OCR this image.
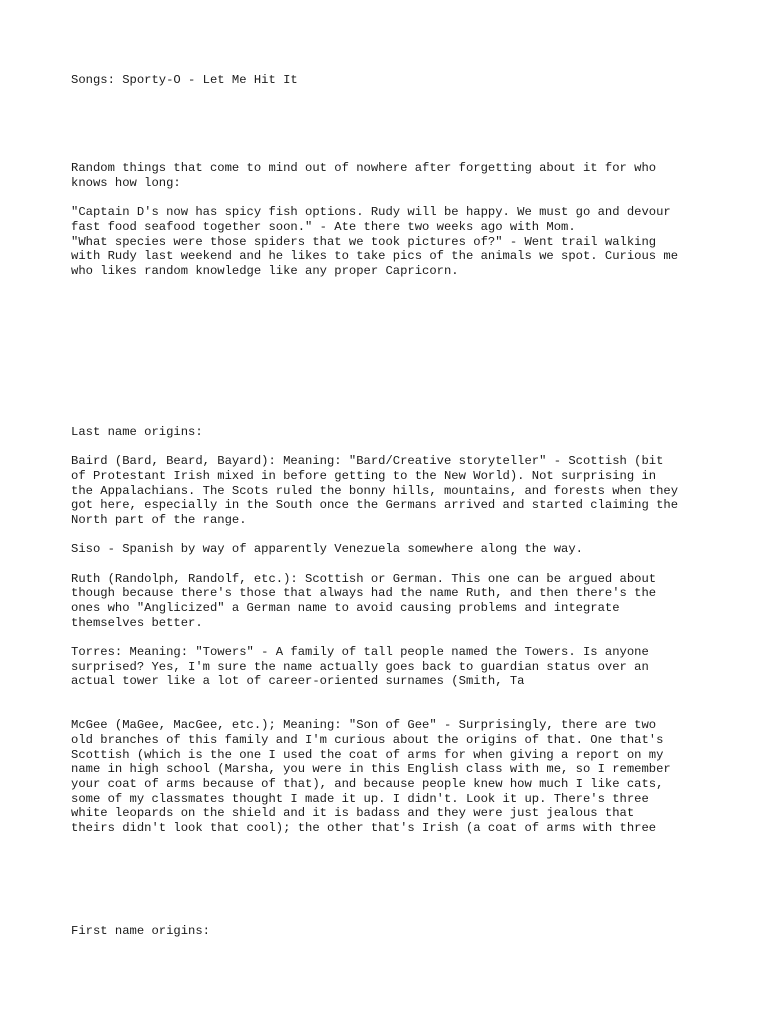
Songs: Sporty-O - Let Me Hit It
Random things that come to mind out of nowhere after forgetting about it for who
knows how long:
"Captain D's now has spicy fish options. Rudy will be happy. We must go and devour
fast food seafood together soon." - Ate there two weeks ago with Mom.
"What species were those spiders that we took pictures of?" - Went trail walking
with Rudy last weekend and he likes to take pics of the animals we spot. Curious me
who likes random knowledge like any proper Capricorn.
Last name origins:
Baird (Bard, Beard, Bayard): Meaning: "Bard/Creative storyteller" - Scottish (bit
of Protestant Irish mixed in before getting to the New World). Not surprising in
the Appalachians. The Scots ruled the bonny hills, mountains, and forests when they
got here, especially in the South once the Germans arrived and started claiming the
North part of the range.
Siso - Spanish by way of apparently Venezuela somewhere along the way.
Ruth (Randolph, Randolf, etc.): Scottish or German. This one can be argued about
though because there's those that always had the name Ruth, and then there's the
ones who "Anglicized" a German name to avoid causing problems and integrate
themselves better.
Torres: Meaning: "Towers" - A family of tall people named the Towers. Is anyone
surprised? Yes, I'm sure the name actually goes back to guardian status over an
actual tower like a lot of career-oriented surnames (Smith, Ta
McGee (MaGee, MacGee, etc.); Meaning: "Son of Gee" - Surprisingly, there are two
old branches of this family and I'm curious about the origins of that. One that's
Scottish (which is the one I used the coat of arms for when giving a report on my
name in high school (Marsha, you were in this English class with me, so I remember
your coat of arms because of that), and because people knew how much I like cats,
some of my classmates thought I made it up. I didn't. Look it up. There's three
white leopards on the shield and it is badass and they were just jealous that
theirs didn't look that cool); the other that's Irish (a coat of arms with three
First name origins:
